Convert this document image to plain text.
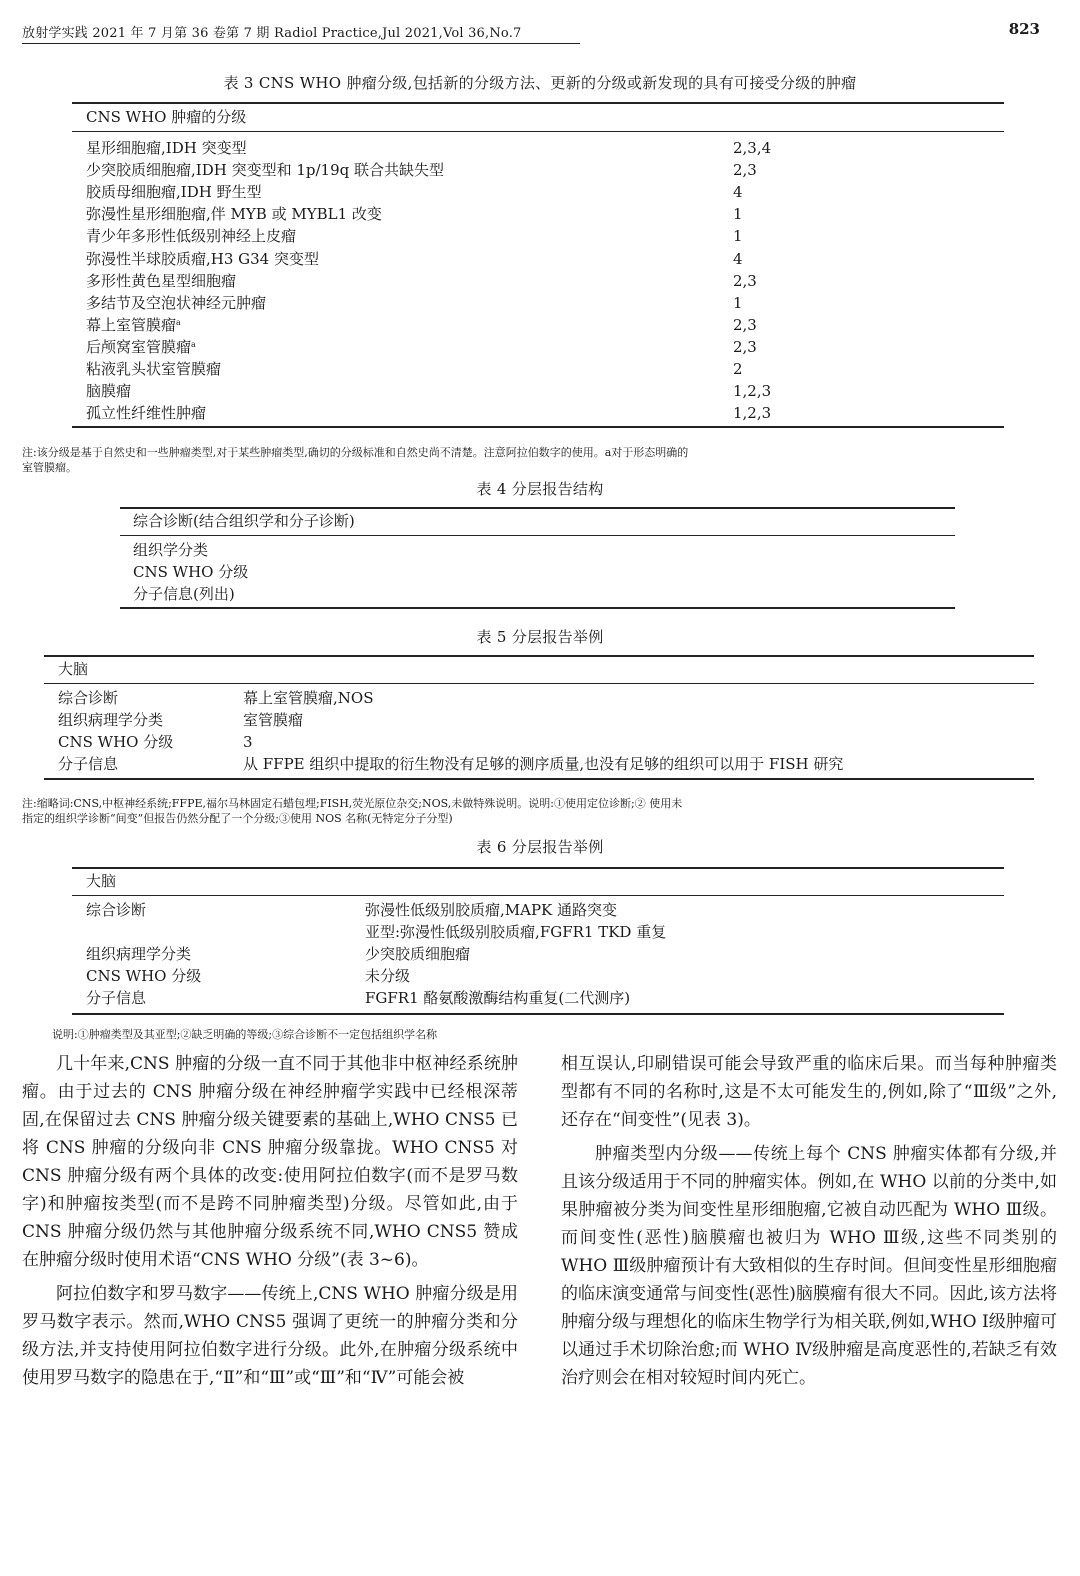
放射学实践 2021 年 7 月第 36 卷第 7 期 Radiol Practice,Jul 2021,Vol 36,No.7	823
表 3 CNS WHO 肿瘤分级,包括新的分级方法、更新的分级或新发现的具有可接受分级的肿瘤
CNS WHO 肿瘤的分级
星形细胞瘤,IDH 突变型	2,3,4
少突胶质细胞瘤,IDH 突变型和 1p/19q 联合共缺失型	2,3
胶质母细胞瘤,IDH 野生型	4
弥漫性星形细胞瘤,伴 MYB 或 MYBL1 改变	1
青少年多形性低级别神经上皮瘤	1
弥漫性半球胶质瘤,H3 G34 突变型	4
多形性黄色星型细胞瘤	2,3
多结节及空泡状神经元肿瘤	1
幕上室管膜瘤$^a$	2,3
后颅窝室管膜瘤$^a$	2,3
粘液乳头状室管膜瘤	2
脑膜瘤	1,2,3
孤立性纤维性肿瘤	1,2,3
注:该分级是基于自然史和一些肿瘤类型,对于某些肿瘤类型,确切的分级标准和自然史尚不清楚。注意阿拉伯数字的使用。a对于形态明确的
室管膜瘤。
表 4 分层报告结构
综合诊断(结合组织学和分子诊断)
组织学分类
CNS WHO 分级
分子信息(列出)
表 5 分层报告举例
大脑
综合诊断	幕上室管膜瘤,NOS
组织病理学分类	室管膜瘤
CNS WHO 分级	3
分子信息	从 FFPE 组织中提取的衍生物没有足够的测序质量,也没有足够的组织可以用于 FISH 研究
注:缩略词:CNS,中枢神经系统;FFPE,福尔马林固定石蜡包埋;FISH,荧光原位杂交;NOS,未做特殊说明。说明:①使用定位诊断;② 使用未
指定的组织学诊断“间变”但报告仍然分配了一个分级;③使用 NOS 名称(无特定分子分型)
表 6 分层报告举例
大脑
综合诊断	弥漫性低级别胶质瘤,MAPK 通路突变
亚型:弥漫性低级别胶质瘤,FGFR1 TKD 重复
组织病理学分类	少突胶质细胞瘤
CNS WHO 分级	未分级
分子信息	FGFR1 酪氨酸激酶结构重复(二代测序)
说明:①肿瘤类型及其亚型;②缺乏明确的等级;③综合诊断不一定包括组织学名称

几十年来,CNS 肿瘤的分级一直不同于其他非中枢神经系统肿瘤。由于过去的 CNS 肿瘤分级在神经肿瘤学实践中已经根深蒂固,在保留过去 CNS 肿瘤分级关键要素的基础上,WHO CNS5 已将 CNS 肿瘤的分级向非 CNS 肿瘤分级靠拢。WHO CNS5 对 CNS 肿瘤分级有两个具体的改变:使用阿拉伯数字(而不是罗马数字)和肿瘤按类型(而不是跨不同肿瘤类型)分级。尽管如此,由于 CNS 肿瘤分级仍然与其他肿瘤分级系统不同,WHO CNS5 赞成在肿瘤分级时使用术语“CNS WHO 分级”(表 3~6)。

阿拉伯数字和罗马数字——传统上,CNS WHO 肿瘤分级是用罗马数字表示。然而,WHO CNS5 强调了更统一的肿瘤分类和分级方法,并支持使用阿拉伯数字进行分级。此外,在肿瘤分级系统中使用罗马数字的隐患在于,“Ⅱ”和“Ⅲ”或“Ⅲ”和“Ⅳ”可能会被

相互误认,印刷错误可能会导致严重的临床后果。而当每种肿瘤类型都有不同的名称时,这是不太可能发生的,例如,除了“Ⅲ级”之外,还存在“间变性”(见表 3)。

肿瘤类型内分级——传统上每个 CNS 肿瘤实体都有分级,并且该分级适用于不同的肿瘤实体。例如,在 WHO 以前的分类中,如果肿瘤被分类为间变性星形细胞瘤,它被自动匹配为 WHO Ⅲ级。而间变性(恶性)脑膜瘤也被归为 WHO Ⅲ级,这些不同类别的 WHO Ⅲ级肿瘤预计有大致相似的生存时间。但间变性星形细胞瘤的临床演变通常与间变性(恶性)脑膜瘤有很大不同。因此,该方法将肿瘤分级与理想化的临床生物学行为相关联,例如,WHO Ⅰ级肿瘤可以通过手术切除治愈;而 WHO Ⅳ级肿瘤是高度恶性的,若缺乏有效治疗则会在相对较短时间内死亡。
